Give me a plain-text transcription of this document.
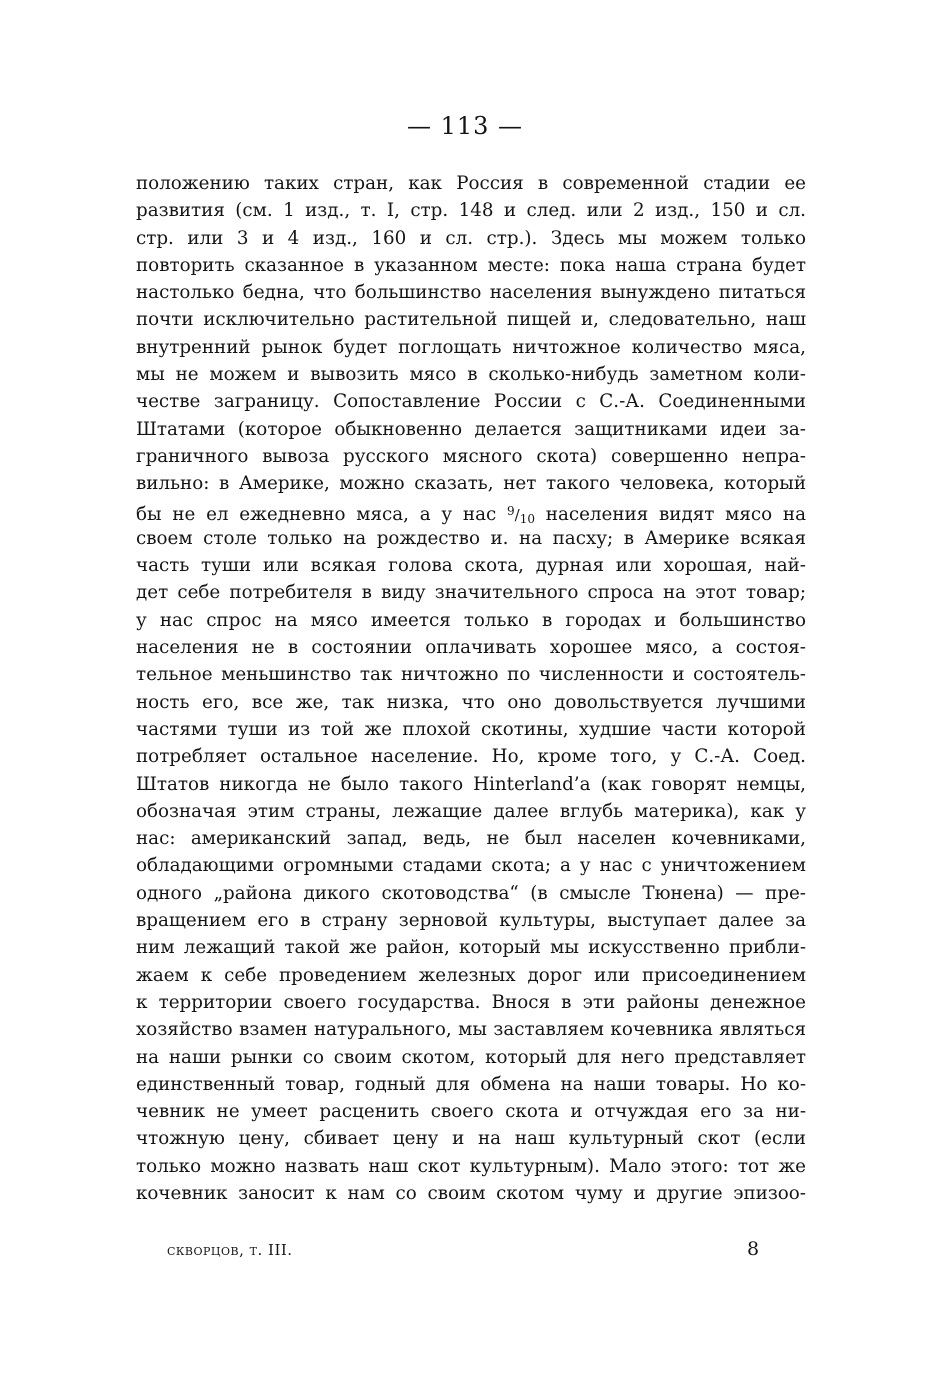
— 113 —
положению таких стран, как Россия в современной стадии ее
развития (см. 1 изд., т. I, стр. 148 и след. или 2 изд., 150 и сл.
стр. или 3 и 4 изд., 160 и сл. стр.). Здесь мы можем только
повторить сказанное в указанном месте: пока наша страна будет
настолько бедна, что большинство населения вынуждено питаться
почти исключительно растительной пищей и, следовательно, наш
внутренний рынок будет поглощать ничтожное количество мяса,
мы не можем и вывозить мясо в сколько-нибудь заметном коли-
честве заграницу. Сопоставление России с С.-А. Соединенными
Штатами (которое обыкновенно делается защитниками идеи за-
граничного вывоза русского мясного скота) совершенно непра-
вильно: в Америке, можно сказать, нет такого человека, который
бы не ел ежедневно мяса, а у нас $^9/_{10}$ населения видят мясо на
своем столе только на рождество и. на пасху; в Америке всякая
часть туши или всякая голова скота, дурная или хорошая, най-
дет себе потребителя в виду значительного спроса на этот товар;
у нас спрос на мясо имеется только в городах и большинство
населения не в состоянии оплачивать хорошее мясо, а состоя-
тельное меньшинство так ничтожно по численности и состоятель-
ность его, все же, так низка, что оно довольствуется лучшими
частями туши из той же плохой скотины, худшие части которой
потребляет остальное население. Но, кроме того, у С.-А. Соед.
Штатов никогда не было такого Hinterland’a (как говорят немцы,
обозначая этим страны, лежащие далее вглубь материка), как у
нас: американский запад, ведь, не был населен кочевниками,
обладающими огромными стадами скота; а у нас с уничтожением
одного „района дикого скотоводства“ (в смысле Тюнена) — пре-
вращением его в страну зерновой культуры, выступает далее за
ним лежащий такой же район, который мы искусственно прибли-
жаем к себе проведением железных дорог или присоединением
к территории своего государства. Внося в эти районы денежное
хозяйство взамен натурального, мы заставляем кочевника являться
на наши рынки со своим скотом, который для него представляет
единственный товар, годный для обмена на наши товары. Но ко-
чевник не умеет расценить своего скота и отчуждая его за ни-
чтожную цену, сбивает цену и на наш культурный скот (если
только можно назвать наш скот культурным). Мало этого: тот же
кочевник заносит к нам со своим скотом чуму и другие эпизоо-
скворцов, т. III.	8
